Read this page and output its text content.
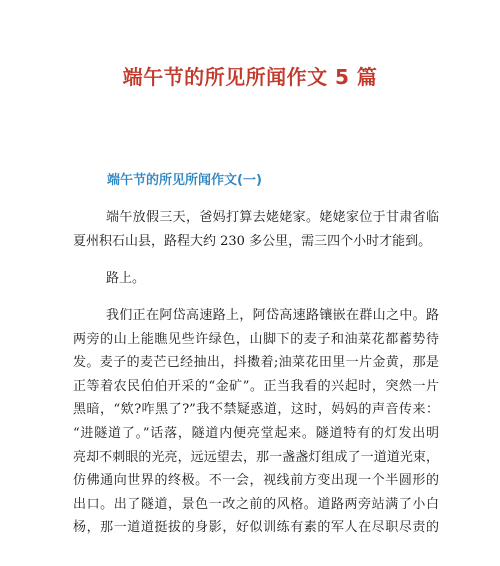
端午节的所见所闻作文 5 篇
端午节的所见所闻作文(一)

端午放假三天，爸妈打算去姥姥家。姥姥家位于甘肃省临
夏州积石山县，路程大约 230 多公里，需三四个小时才能到。

路上。

我们正在阿岱高速路上，阿岱高速路镶嵌在群山之中。路
两旁的山上能瞧见些许绿色，山脚下的麦子和油菜花都蓄势待
发。麦子的麦芒已经抽出，抖擞着;油菜花田里一片金黄，那是
正等着农民伯伯开采的“金矿”。正当我看的兴起时，突然一片
黑暗，“欸?咋黑了?”我不禁疑惑道，这时，妈妈的声音传来：
“进隧道了。”话落，隧道内便亮堂起来。隧道特有的灯发出明
亮却不刺眼的光亮，远远望去，那一盏盏灯组成了一道道光束，
仿佛通向世界的终极。不一会，视线前方变出现一个半圆形的
出口。出了隧道，景色一改之前的风格。道路两旁站满了小白
杨，那一道道挺拔的身影，好似训练有素的军人在尽职尽责的
